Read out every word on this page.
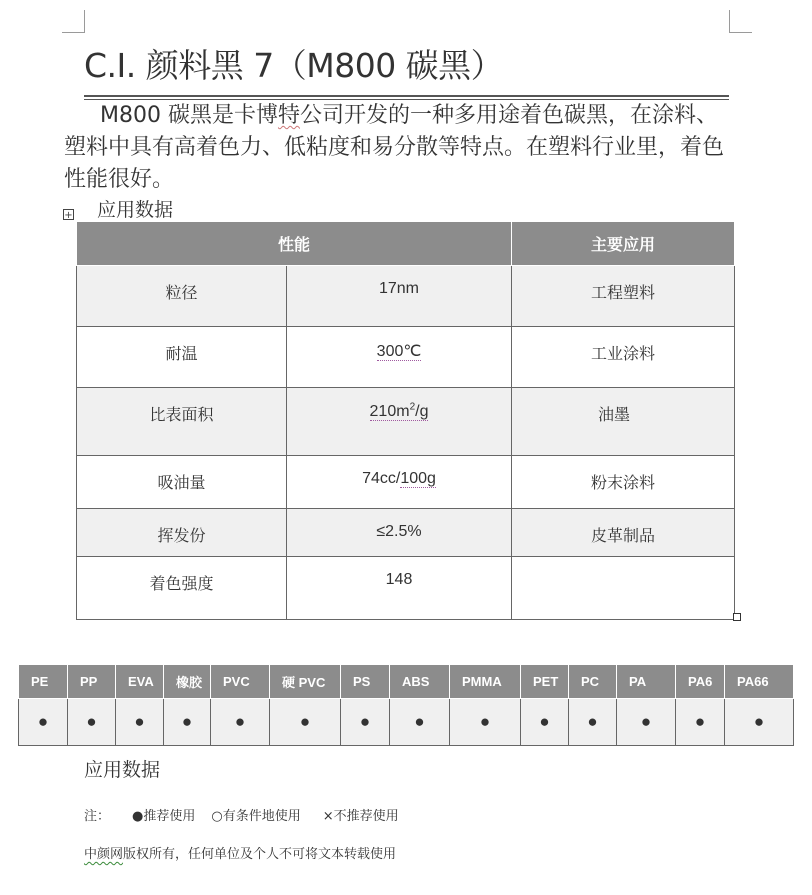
C.I. 颜料黑 7（M800 碳黑）
M800 碳黑是卡博特公司开发的一种多用途着色碳黑，在涂料、塑料中具有高着色力、低粘度和易分散等特点。在塑料行业里，着色性能很好。
+ 应用数据
性能		主要应用
粒径	17nm	工程塑料
耐温	300℃	工业涂料
比表面积	$210m^2/g$	油墨
吸油量	74cc/100g	粉末涂料
挥发份	≤2.5%	皮革制品
着色强度	148	
PE	PP	EVA	橡胶	PVC	硬 PVC	PS	ABS	PMMA	PET	PC	PA	PA6	PA66
●	●	●	●	●	●	●	●	●	●	●	●	●	●
应用数据
注： ●推荐使用 ○有条件地使用 ×不推荐使用
中颜网版权所有，任何单位及个人不可将文本转载使用
